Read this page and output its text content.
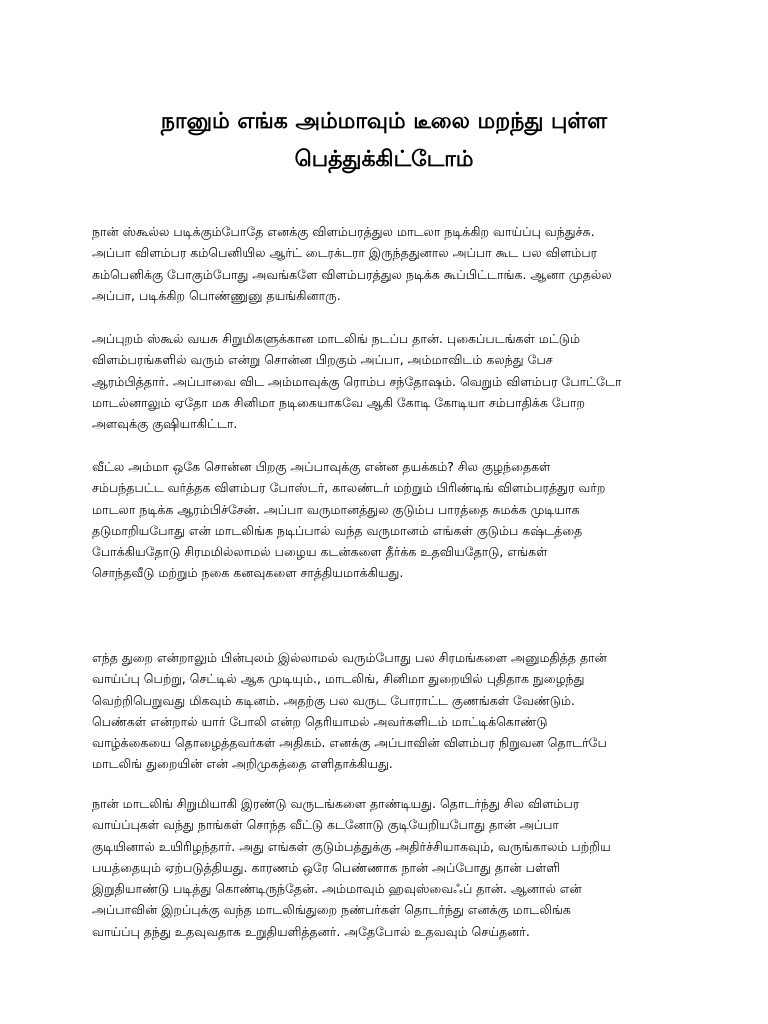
நானும் எங்க அம்மாவும் டீலை மறந்து புள்ள
பெத்துக்கிட்டோம்
நான் ஸ்கூல்ல படிக்கும்போதே எனக்கு விளம்பரத்துல மாடலா நடிக்கிற வாய்ப்பு வந்துச்சு.
அப்பா விளம்பர கம்பெனியில ஆர்ட் டைரக்டரா இருந்ததுனால அப்பா கூட பல விளம்பர
கம்பெனிக்கு போகும்போது அவங்களே விளம்பரத்துல நடிக்க கூப்பிட்டாங்க. ஆனா முதல்ல
அப்பா, படிக்கிற பொண்ணுனு தயங்கினாரு.
அப்புறம் ஸ்கூல் வயசு சிறுமிகளுக்கான மாடலிங் நடப்ப தான். புகைப்படங்கள் மட்டும்
விளம்பரங்களில் வரும் என்று சொன்ன பிறகும் அப்பா, அம்மாவிடம் கலந்து பேச
ஆரம்பித்தார். அப்பாவை விட அம்மாவுக்கு ரொம்ப சந்தோஷம். வெறும் விளம்பர போட்டோ
மாடல்னாலும் ஏதோ மக சினிமா நடிகையாகவே ஆகி கோடி கோடியா சம்பாதிக்க போற
அளவுக்கு குஷியாகிட்டா.
வீட்ல அம்மா ஒகே சொன்ன பிறகு அப்பாவுக்கு என்ன தயக்கம்? சில குழந்தைகள்
சம்பந்தபட்ட வர்த்தக விளம்பர போஸ்டர், காலண்டர் மற்றும் பிரிண்டிங் விளம்பரத்துர வர்ற
மாடலா நடிக்க ஆரம்பிச்சேன். அப்பா வருமானத்துல குடும்ப பாரத்தை சுமக்க முடியாக
தடுமாறியபோது என் மாடலிங்க நடிப்பால் வந்த வருமானம் எங்கள் குடும்ப கஷ்டத்தை
போக்கியதோடு சிரமமில்லாமல் பழைய கடன்களை தீர்க்க உதவியதோடு, எங்கள்
சொந்தவீடு மற்றும் நகை கனவுகளை சாத்தியமாக்கியது.
எந்த துறை என்றாலும் பின்புலம் இல்லாமல் வரும்போது பல சிரமங்களை அனுமதித்த தான்
வாய்ப்பு பெற்று, செட்டில் ஆக முடியும்., மாடலிங், சினிமா துறையில் புதிதாக நுழைந்து
வெற்றிபெறுவது மிகவும் கடினம். அதற்கு பல வருட போராட்ட குணங்கள் வேண்டும்.
பெண்கள் என்றால் யார் போலி என்ற தெரியாமல் அவர்களிடம் மாட்டிக்கொண்டு
வாழ்க்கையை தொழைத்தவர்கள் அதிகம். எனக்கு அப்பாவின் விளம்பர நிறுவன தொடர்பே
மாடலிங் துறையின் என் அறிமுகத்தை எளிதாக்கியது.
நான் மாடலிங் சிறுமியாகி இரண்டு வருடங்களை தாண்டியது. தொடர்ந்து சில விளம்பர
வாய்ப்புகள் வந்து நாங்கள் சொந்த வீட்டு கடனோடு குடியேறியபோது தான் அப்பா
குடியினால் உயிரிழந்தார். அது எங்கள் குடும்பத்துக்கு அதிர்ச்சியாகவும், வருங்காலம் பற்றிய
பயத்தையும் ஏற்படுத்தியது. காரணம் ஒரே பெண்ணாக நான் அப்போது தான் பள்ளி
இறுதியாண்டு படித்து கொண்டிருந்தேன். அம்மாவும் ஹவுஸ்வைஃப் தான். ஆனால் என்
அப்பாவின் இறப்புக்கு வந்த மாடலிங்துறை நண்பர்கள் தொடர்ந்து எனக்கு மாடலிங்க
வாய்ப்பு தந்து உதவுவதாக உறுதியளித்தனர். அதேபோல் உதவவும் செய்தனர்.
